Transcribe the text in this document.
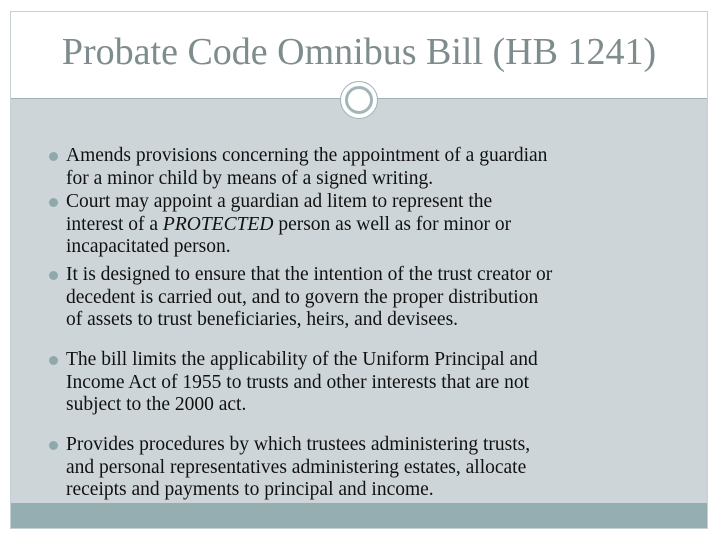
Probate Code Omnibus Bill (HB 1241)
Amends provisions concerning the appointment of a guardian
for a minor child by means of a signed writing.
Court may appoint a guardian ad litem to represent the
interest of a PROTECTED person as well as for minor or
incapacitated person.
It is designed to ensure that the intention of the trust creator or
decedent is carried out, and to govern the proper distribution
of assets to trust beneficiaries, heirs, and devisees.
The bill limits the applicability of the Uniform Principal and
Income Act of 1955 to trusts and other interests that are not
subject to the 2000 act.
Provides procedures by which trustees administering trusts,
and personal representatives administering estates, allocate
receipts and payments to principal and income.
